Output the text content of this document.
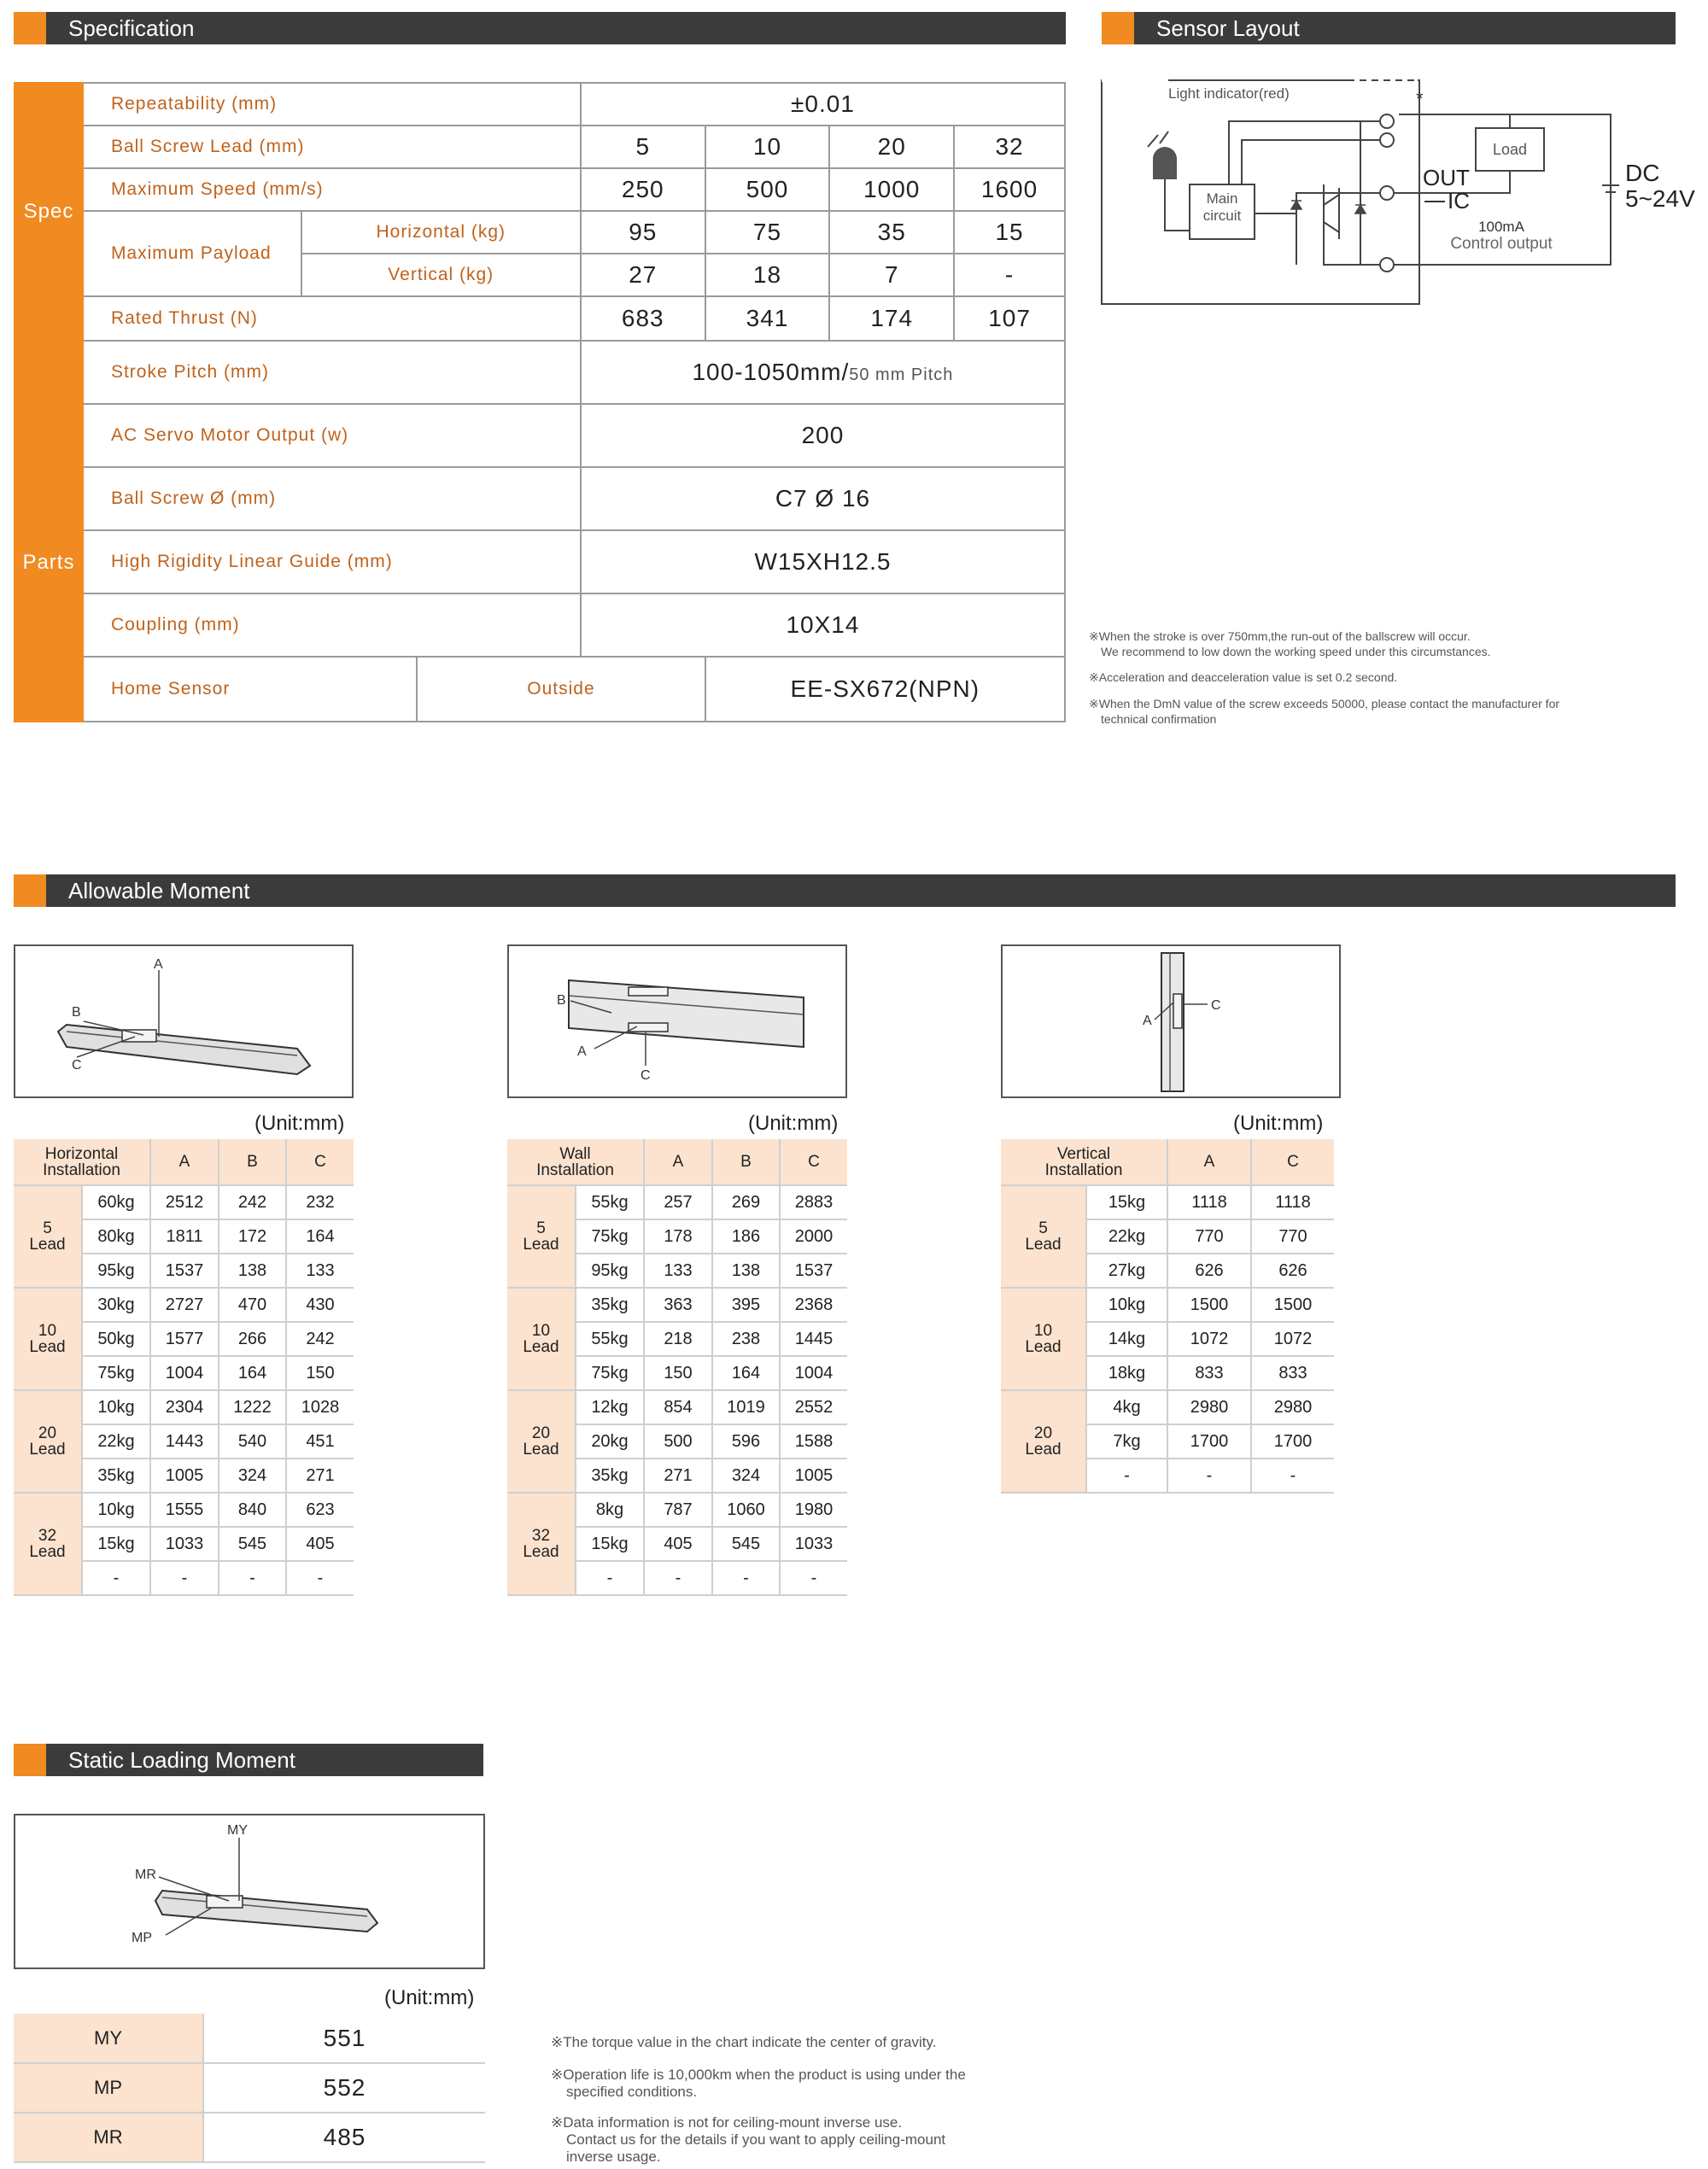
Specification	Sensor Layout
Allowable Moment
Static Loading Moment
Spec	Repeatability (mm)			±0.01			
	Ball Screw Lead (mm)			5	10	20	32
	Maximum Speed (mm/s)			250	500	1000	1600
	Maximum Payload	Horizontal (kg)		95	75	35	15
		Vertical (kg)		27	18	7	-
	Rated Thrust (N)			683	341	174	107
	Stroke Pitch (mm)			100-1050mm/50 mm Pitch			
Parts	AC Servo Motor Output (w)			200			
	Ball Screw Ø (mm)			C7 Ø 16			
	High Rigidity Linear Guide (mm)			W15XH12.5			
	Coupling (mm)			10X14			
	Home Sensor		Outside		EE-SX672(NPN)		
*
Light indicator(red)
Main
circuit
Load
OUT
IC
DC
5~24V
100mA
Control output
※When the stroke is over 750mm,the run-out of the ballscrew will occur.
We recommend to low down the working speed under this circumstances.
※Acceleration and deacceleration value is set 0.2 second.
※When the DmN value of the screw exceeds 50000, please contact the manufacturer for
technical confirmation
A
B
C
B
A
C
A
C
(Unit:mm)	(Unit:mm)	(Unit:mm)
Horizontal
Installation		A	B	C
5
Lead	60kg	2512	242	232
	80kg	1811	172	164
	95kg	1537	138	133
10
Lead	30kg	2727	470	430
	50kg	1577	266	242
	75kg	1004	164	150
20
Lead	10kg	2304	1222	1028
	22kg	1443	540	451
	35kg	1005	324	271
32
Lead	10kg	1555	840	623
	15kg	1033	545	405
	-	-	-	-
Wall
Installation		A	B	C
5
Lead	55kg	257	269	2883
	75kg	178	186	2000
	95kg	133	138	1537
10
Lead	35kg	363	395	2368
	55kg	218	238	1445
	75kg	150	164	1004
20
Lead	12kg	854	1019	2552
	20kg	500	596	1588
	35kg	271	324	1005
32
Lead	8kg	787	1060	1980
	15kg	405	545	1033
	-	-	-	-
Vertical
Installation		A	C
5
Lead	15kg	1118	1118
	22kg	770	770
	27kg	626	626
10
Lead	10kg	1500	1500
	14kg	1072	1072
	18kg	833	833
20
Lead	4kg	2980	2980
	7kg	1700	1700
	-	-	-
MY
MR
MP
(Unit:mm)
MY	551
MP	552
MR	485
※The torque value in the chart indicate the center of gravity.
※Operation life is 10,000km when the product is using under the
specified conditions.
※Data information is not for ceiling-mount inverse use.
Contact us for the details if you want to apply ceiling-mount
inverse usage.
